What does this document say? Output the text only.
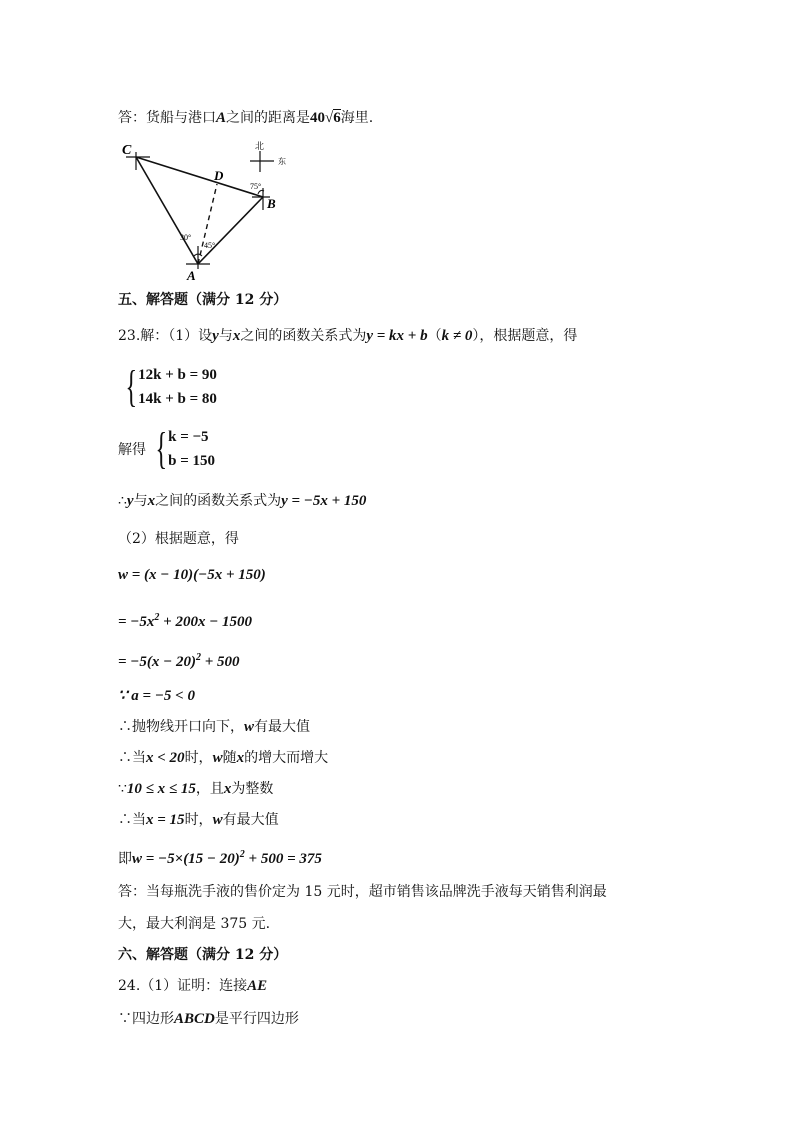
答：货船与港口A之间的距离是40√6海里.
C
D
B
A
北
东
75°
30°
45°
五、解答题（满分 12 分）
23.解：（1）设y与x之间的函数关系式为y = kx + b（k ≠ 0），根据题意，得
{ 12k + b = 90
14k + b = 80
解得 { k = −5
b = 150
∴y与x之间的函数关系式为y = −5x + 150
（2）根据题意，得
w = (x − 10)(−5x + 150)
= $-5x^2 + 200x - 1500$
= $-5(x - 20)^2 + 500$
∵ a = −5 < 0
∴抛物线开口向下，w有最大值
∴当x < 20时，w随x的增大而增大
∵10 ≤ x ≤ 15，且x为整数
∴当x = 15时，w有最大值
即$w = -5\times(15 - 20)^2 + 500 = 375$
答：当每瓶洗手液的售价定为 15 元时，超市销售该品牌洗手液每天销售利润最
大，最大利润是 375 元.
六、解答题（满分 12 分）
24.（1）证明：连接AE
∵四边形ABCD是平行四边形
